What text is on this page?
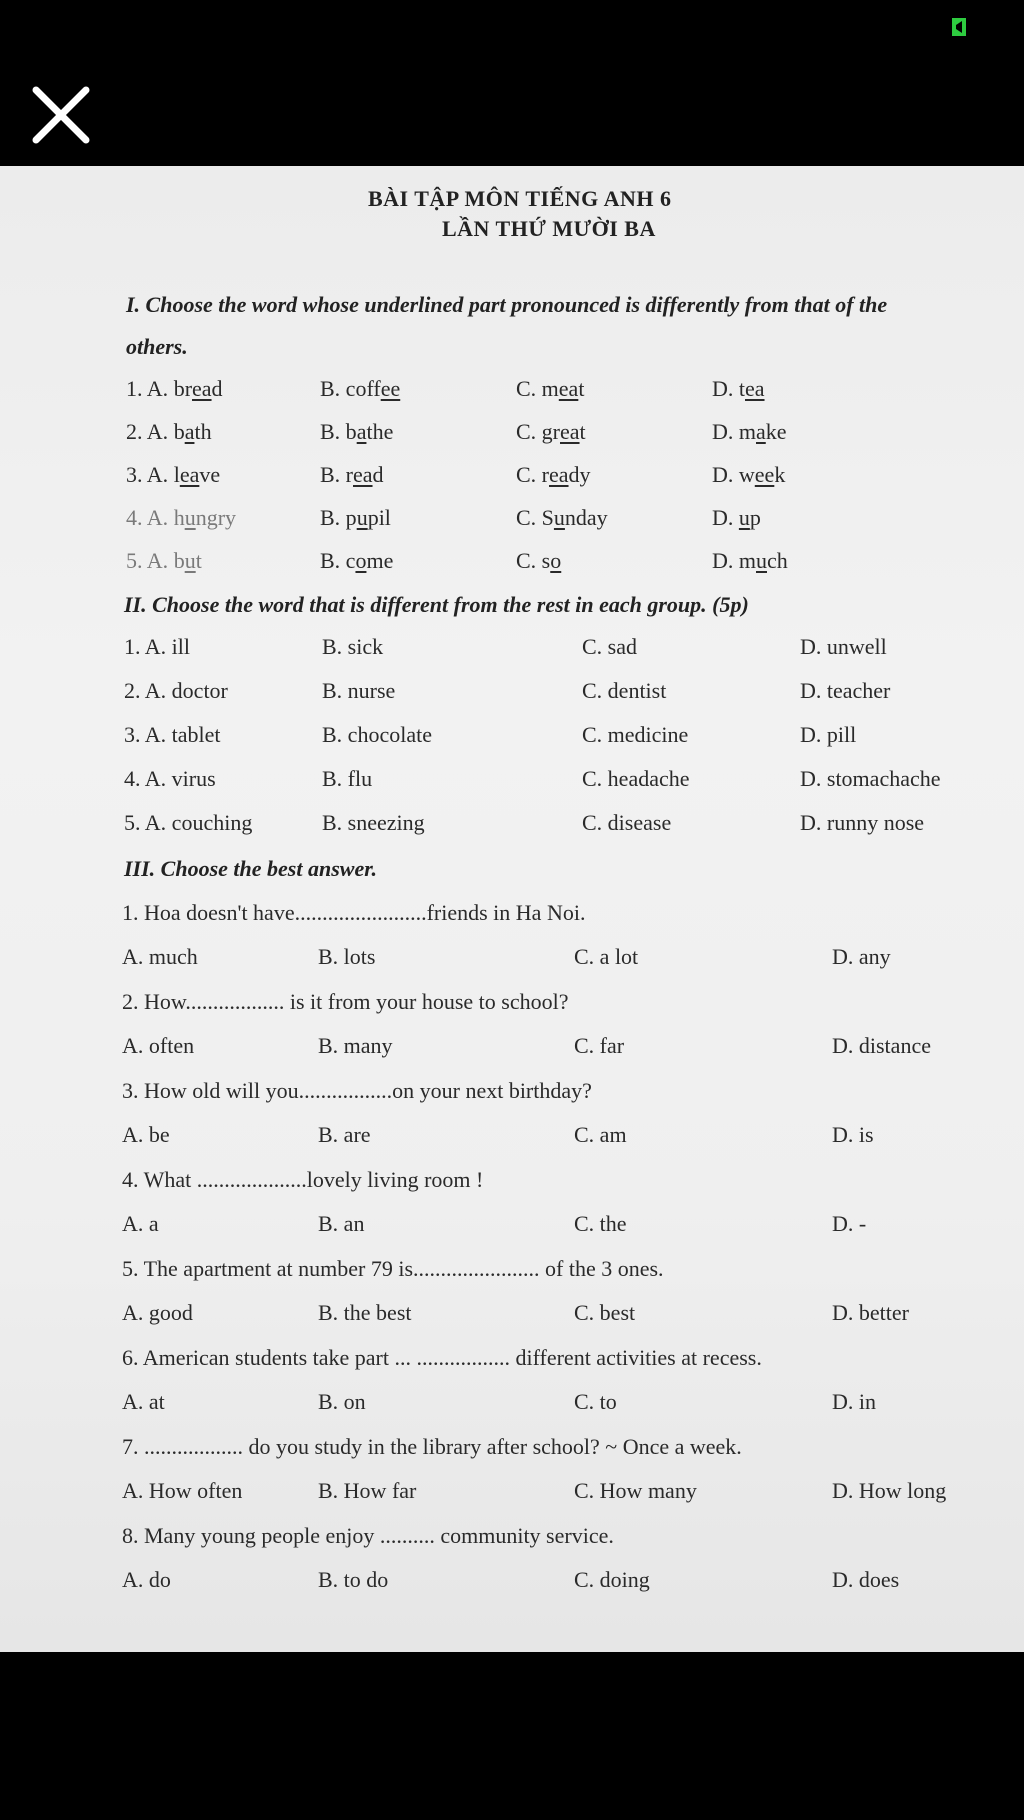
BÀI TẬP MÔN TIẾNG ANH 6
LẦN THỨ MƯỜI BA
I. Choose the word whose underlined part pronounced is differently from that of the
others.
II. Choose the word that is different from the rest in each group. (5p)
III. Choose the best answer.
1. A. bread	B. coffee	C. meat	D. tea
2. A. bath	B. bathe	C. great	D. make
3. A. leave	B. read	C. ready	D. week
4. A. hungry	B. pupil	C. Sunday	D. up
5. A. but	B. come	C. so	D. much
1. A. ill	B. sick	C. sad	D. unwell
2. A. doctor	B. nurse	C. dentist	D. teacher
3. A. tablet	B. chocolate	C. medicine	D. pill
4. A. virus	B. flu	C. headache	D. stomachache
5. A. couching	B. sneezing	C. disease	D. runny nose
1. Hoa doesn't have........................friends in Ha Noi.
A. much	B. lots	C. a lot	D. any
2. How.................. is it from your house to school?
A. often	B. many	C. far	D. distance
3. How old will you.................on your next birthday?
A. be	B. are	C. am	D. is
4. What ....................lovely living room !
A. a	B. an	C. the	D. -
5. The apartment at number 79 is....................... of the 3 ones.
A. good	B. the best	C. best	D. better
6. American students take part ... ................. different activities at recess.
A. at	B. on	C. to	D. in
7. .................. do you study in the library after school? ~ Once a week.
A. How often	B. How far	C. How many	D. How long
8. Many young people enjoy .......... community service.
A. do	B. to do	C. doing	D. does
